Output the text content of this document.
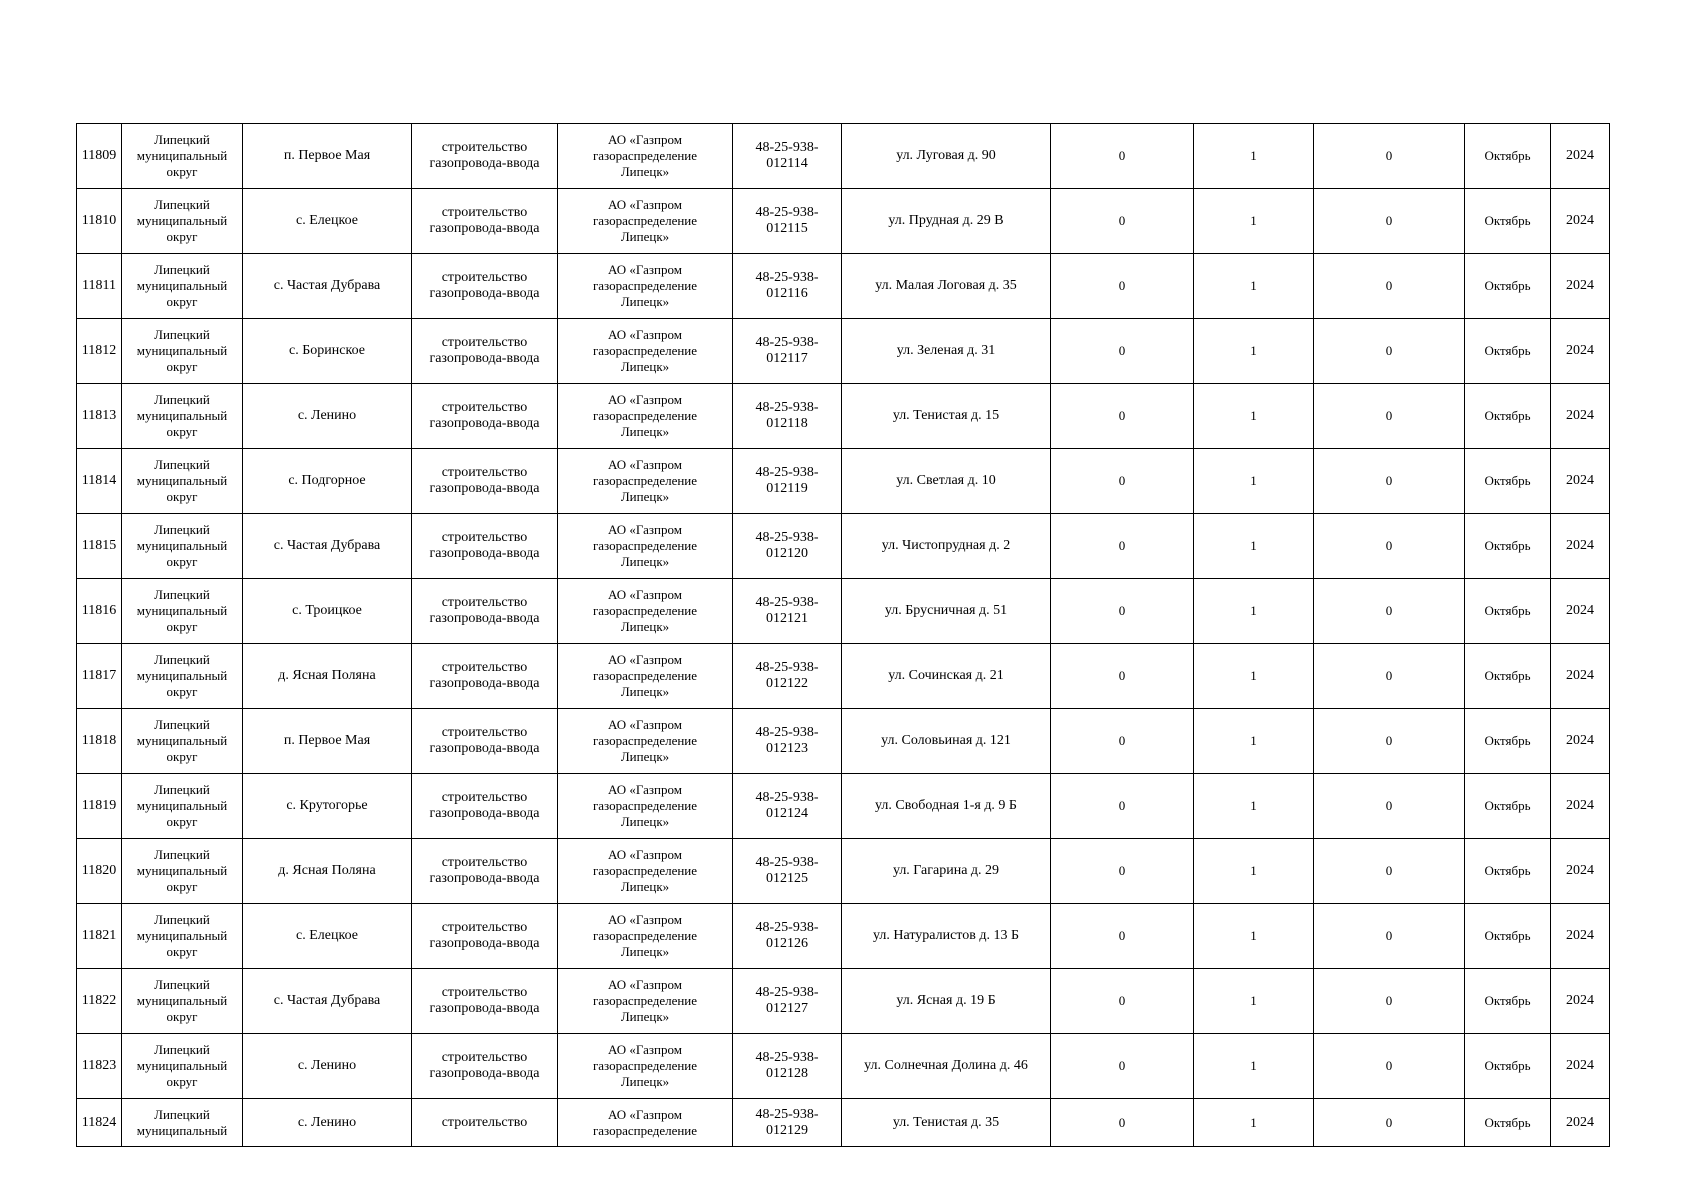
11809	Липецкий
муниципальный
округ	п. Первое Мая	строительство
газопровода-ввода	АО «Газпром
газораспределение
Липецк»	48-25-938-
012114	ул. Луговая д. 90	0	1	0	Октябрь	2024
11810	Липецкий
муниципальный
округ	с. Елецкое	строительство
газопровода-ввода	АО «Газпром
газораспределение
Липецк»	48-25-938-
012115	ул. Прудная д. 29 В	0	1	0	Октябрь	2024
11811	Липецкий
муниципальный
округ	с. Частая Дубрава	строительство
газопровода-ввода	АО «Газпром
газораспределение
Липецк»	48-25-938-
012116	ул. Малая Логовая д. 35	0	1	0	Октябрь	2024
11812	Липецкий
муниципальный
округ	с. Боринское	строительство
газопровода-ввода	АО «Газпром
газораспределение
Липецк»	48-25-938-
012117	ул. Зеленая д. 31	0	1	0	Октябрь	2024
11813	Липецкий
муниципальный
округ	с. Ленино	строительство
газопровода-ввода	АО «Газпром
газораспределение
Липецк»	48-25-938-
012118	ул. Тенистая д. 15	0	1	0	Октябрь	2024
11814	Липецкий
муниципальный
округ	с. Подгорное	строительство
газопровода-ввода	АО «Газпром
газораспределение
Липецк»	48-25-938-
012119	ул. Светлая д. 10	0	1	0	Октябрь	2024
11815	Липецкий
муниципальный
округ	с. Частая Дубрава	строительство
газопровода-ввода	АО «Газпром
газораспределение
Липецк»	48-25-938-
012120	ул. Чистопрудная д. 2	0	1	0	Октябрь	2024
11816	Липецкий
муниципальный
округ	с. Троицкое	строительство
газопровода-ввода	АО «Газпром
газораспределение
Липецк»	48-25-938-
012121	ул. Брусничная д. 51	0	1	0	Октябрь	2024
11817	Липецкий
муниципальный
округ	д. Ясная Поляна	строительство
газопровода-ввода	АО «Газпром
газораспределение
Липецк»	48-25-938-
012122	ул. Сочинская д. 21	0	1	0	Октябрь	2024
11818	Липецкий
муниципальный
округ	п. Первое Мая	строительство
газопровода-ввода	АО «Газпром
газораспределение
Липецк»	48-25-938-
012123	ул. Соловьиная д. 121	0	1	0	Октябрь	2024
11819	Липецкий
муниципальный
округ	с. Крутогорье	строительство
газопровода-ввода	АО «Газпром
газораспределение
Липецк»	48-25-938-
012124	ул. Свободная 1-я д. 9 Б	0	1	0	Октябрь	2024
11820	Липецкий
муниципальный
округ	д. Ясная Поляна	строительство
газопровода-ввода	АО «Газпром
газораспределение
Липецк»	48-25-938-
012125	ул. Гагарина д. 29	0	1	0	Октябрь	2024
11821	Липецкий
муниципальный
округ	с. Елецкое	строительство
газопровода-ввода	АО «Газпром
газораспределение
Липецк»	48-25-938-
012126	ул. Натуралистов д. 13 Б	0	1	0	Октябрь	2024
11822	Липецкий
муниципальный
округ	с. Частая Дубрава	строительство
газопровода-ввода	АО «Газпром
газораспределение
Липецк»	48-25-938-
012127	ул. Ясная д. 19 Б	0	1	0	Октябрь	2024
11823	Липецкий
муниципальный
округ	с. Ленино	строительство
газопровода-ввода	АО «Газпром
газораспределение
Липецк»	48-25-938-
012128	ул. Солнечная Долина д. 46	0	1	0	Октябрь	2024
11824	Липецкий
муниципальный	с. Ленино	строительство	АО «Газпром
газораспределение	48-25-938-
012129	ул. Тенистая д. 35	0	1	0	Октябрь	2024
